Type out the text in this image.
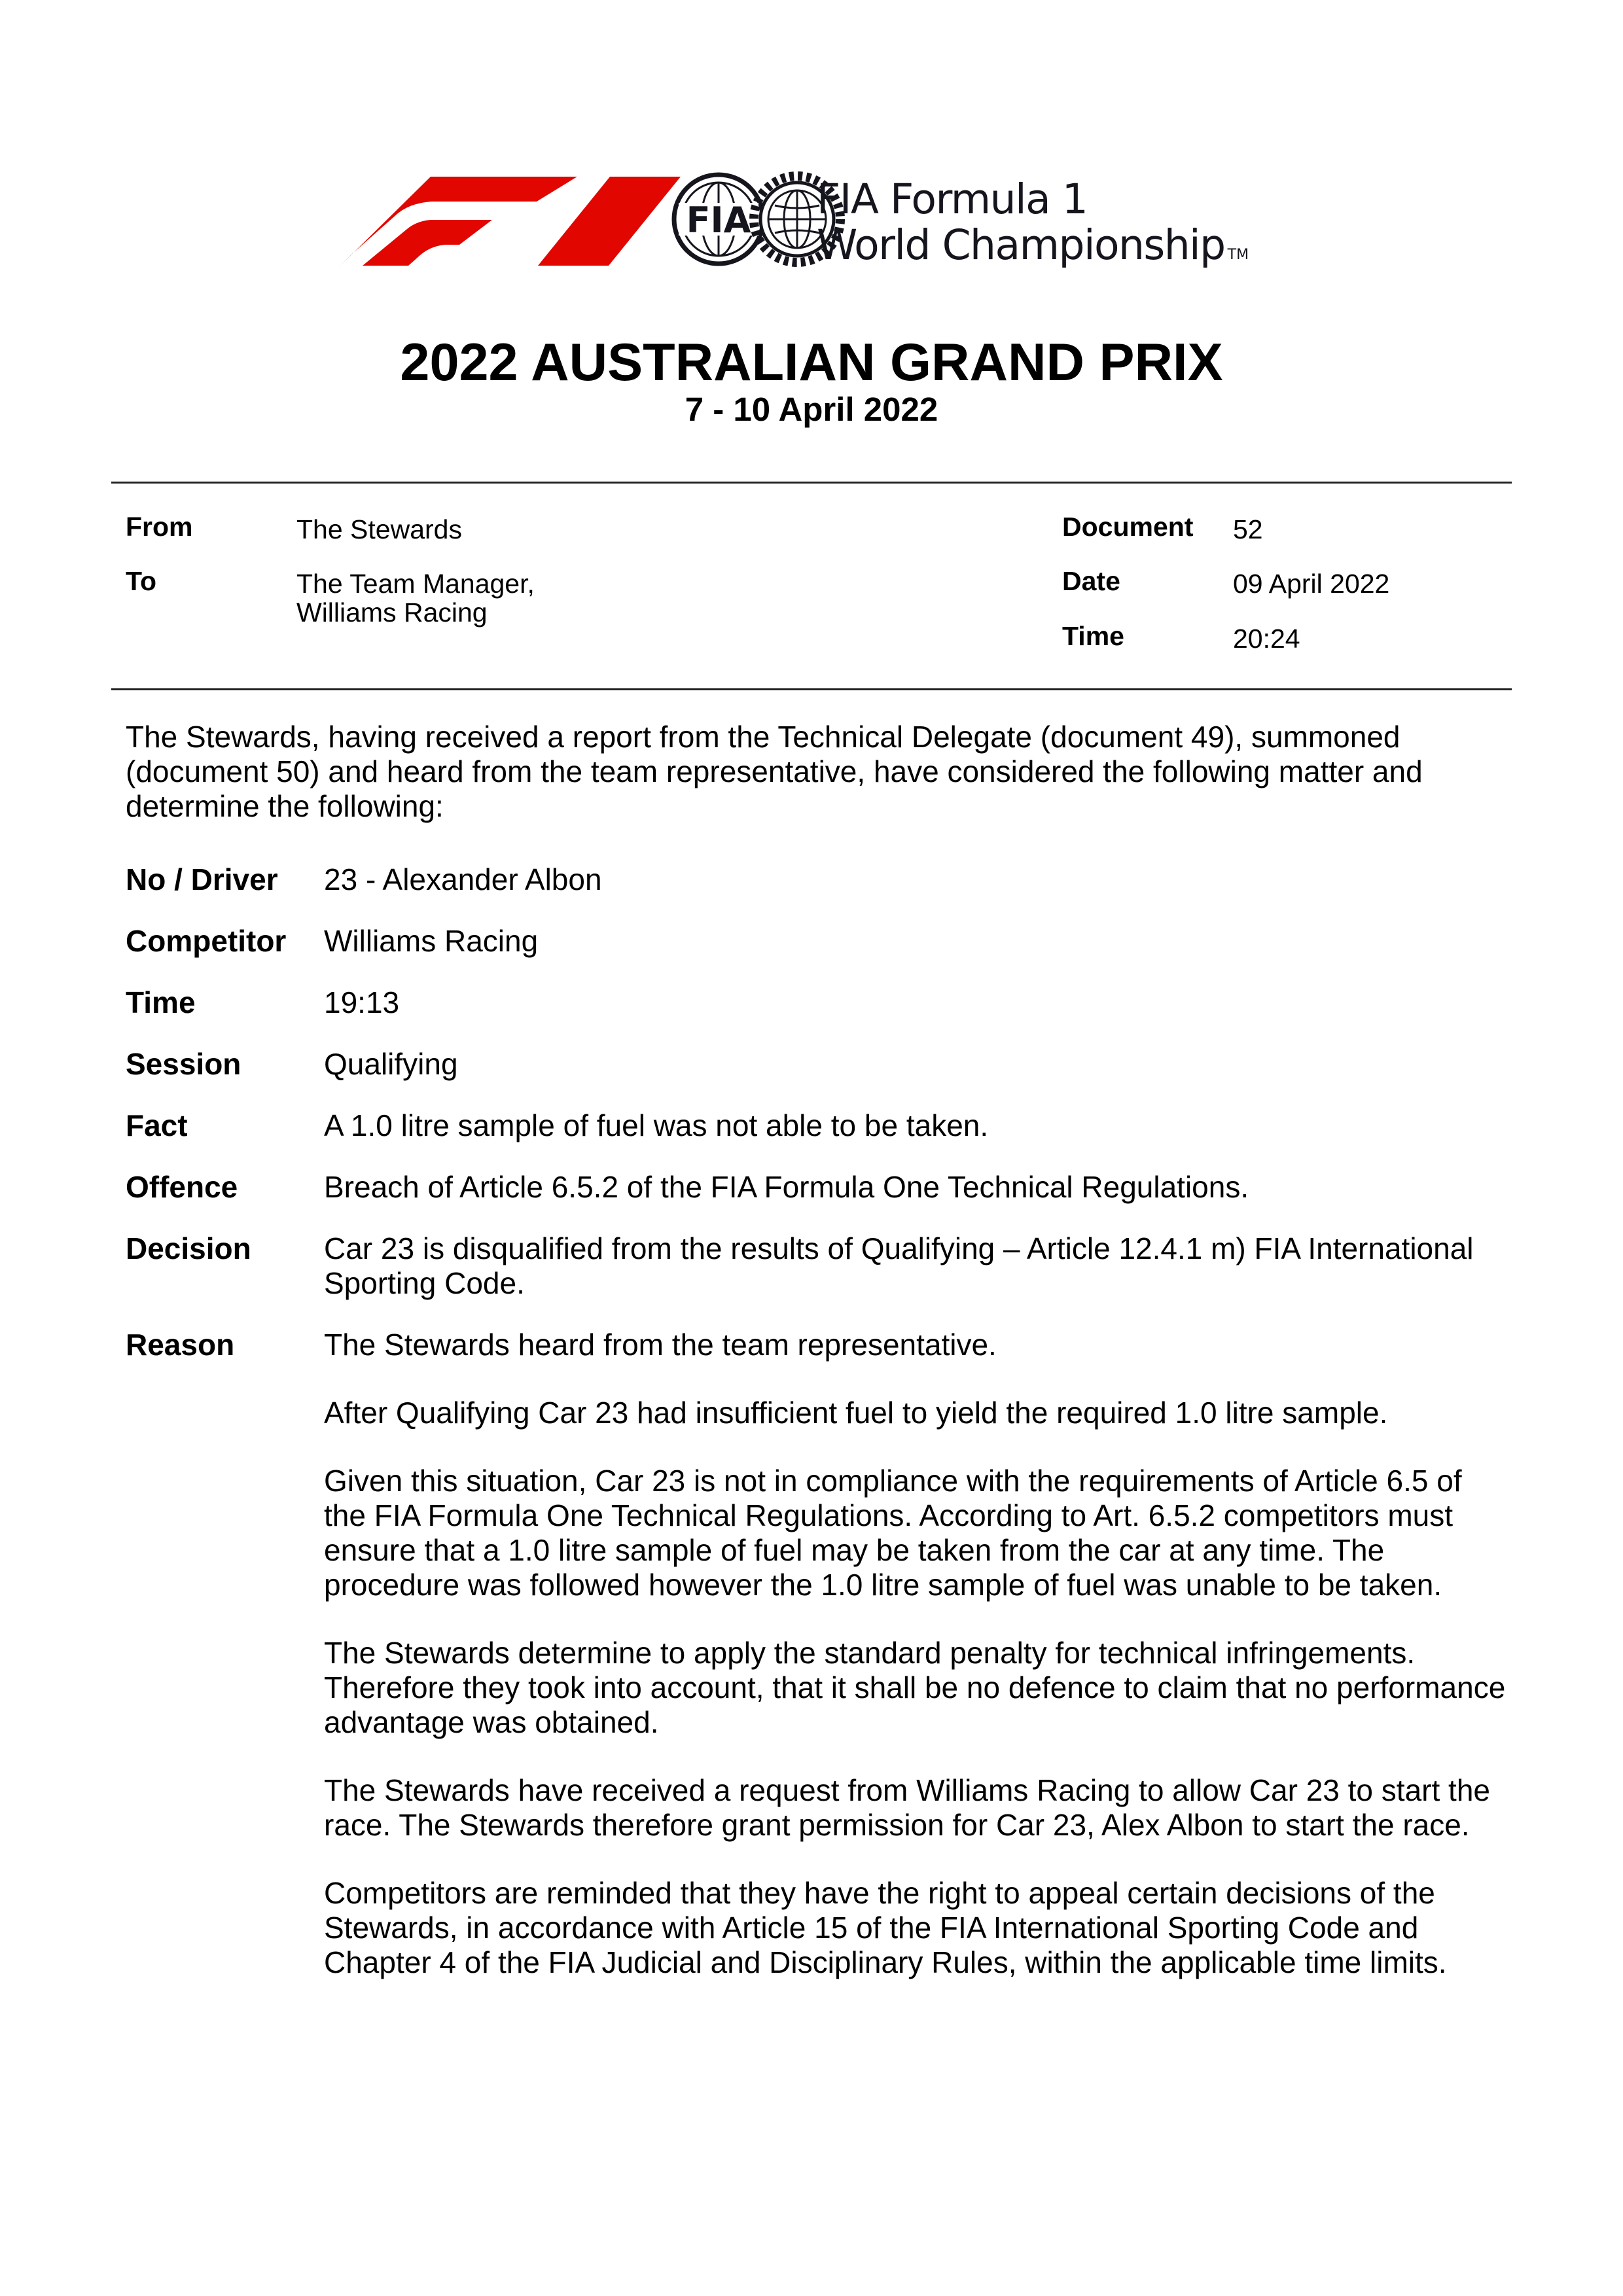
FIA FIA Formula 1
World Championship TM
2022 AUSTRALIAN GRAND PRIX
7 - 10 April 2022
From	The Stewards
To	The Team Manager,
Williams Racing
Document 52
Date	09 April 2022
Time	20:24

The Stewards, having received a report from the Technical Delegate (document 49), summoned (document 50) and heard from the team representative, have considered the following matter and determine the following:

No / Driver	23 - Alexander Albon
Competitor	Williams Racing
Time	19:13
Session	Qualifying
Fact	A 1.0 litre sample of fuel was not able to be taken.
Offence	Breach of Article 6.5.2 of the FIA Formula One Technical Regulations.
Decision	Car 23 is disqualified from the results of Qualifying – Article 12.4.1 m) FIA International Sporting Code.
Reason	The Stewards heard from the team representative.

After Qualifying Car 23 had insufficient fuel to yield the required 1.0 litre sample.

Given this situation, Car 23 is not in compliance with the requirements of Article 6.5 of the FIA Formula One Technical Regulations. According to Art. 6.5.2 competitors must ensure that a 1.0 litre sample of fuel may be taken from the car at any time. The procedure was followed however the 1.0 litre sample of fuel was unable to be taken.

The Stewards determine to apply the standard penalty for technical infringements. Therefore they took into account, that it shall be no defence to claim that no performance advantage was obtained.

The Stewards have received a request from Williams Racing to allow Car 23 to start the race. The Stewards therefore grant permission for Car 23, Alex Albon to start the race.

Competitors are reminded that they have the right to appeal certain decisions of the Stewards, in accordance with Article 15 of the FIA International Sporting Code and Chapter 4 of the FIA Judicial and Disciplinary Rules, within the applicable time limits.
